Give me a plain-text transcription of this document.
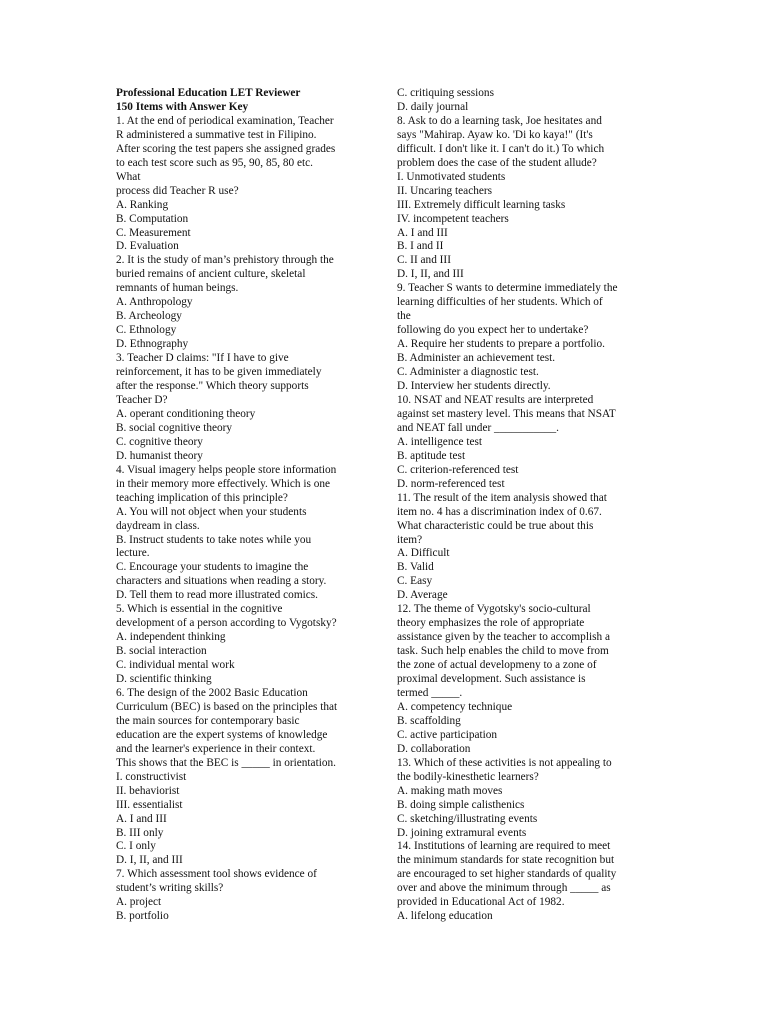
Professional Education LET Reviewer
150 Items with Answer Key
1. At the end of periodical examination, Teacher
R administered a summative test in Filipino.
After scoring the test papers she assigned grades
to each test score such as 95, 90, 85, 80 etc.
What
process did Teacher R use?
A. Ranking
B. Computation
C. Measurement
D. Evaluation
2. It is the study of man’s prehistory through the
buried remains of ancient culture, skeletal
remnants of human beings.
A. Anthropology
B. Archeology
C. Ethnology
D. Ethnography
3. Teacher D claims: "If I have to give
reinforcement, it has to be given immediately
after the response." Which theory supports
Teacher D?
A. operant conditioning theory
B. social cognitive theory
C. cognitive theory
D. humanist theory
4. Visual imagery helps people store information
in their memory more effectively. Which is one
teaching implication of this principle?
A. You will not object when your students
daydream in class.
B. Instruct students to take notes while you
lecture.
C. Encourage your students to imagine the
characters and situations when reading a story.
D. Tell them to read more illustrated comics.
5. Which is essential in the cognitive
development of a person according to Vygotsky?
A. independent thinking
B. social interaction
C. individual mental work
D. scientific thinking
6. The design of the 2002 Basic Education
Curriculum (BEC) is based on the principles that
the main sources for contemporary basic
education are the expert systems of knowledge
and the learner's experience in their context.
This shows that the BEC is _____ in orientation.
I. constructivist
II. behaviorist
III. essentialist
A. I and III
B. III only
C. I only
D. I, II, and III
7. Which assessment tool shows evidence of
student’s writing skills?
A. project
B. portfolio
C. critiquing sessions
D. daily journal
8. Ask to do a learning task, Joe hesitates and
says "Mahirap. Ayaw ko. 'Di ko kaya!" (It's
difficult. I don't like it. I can't do it.) To which
problem does the case of the student allude?
I. Unmotivated students
II. Uncaring teachers
III. Extremely difficult learning tasks
IV. incompetent teachers
A. I and III
B. I and II
C. II and III
D. I, II, and III
9. Teacher S wants to determine immediately the
learning difficulties of her students. Which of
the
following do you expect her to undertake?
A. Require her students to prepare a portfolio.
B. Administer an achievement test.
C. Administer a diagnostic test.
D. Interview her students directly.
10. NSAT and NEAT results are interpreted
against set mastery level. This means that NSAT
and NEAT fall under ___________.
A. intelligence test
B. aptitude test
C. criterion-referenced test
D. norm-referenced test
11. The result of the item analysis showed that
item no. 4 has a discrimination index of 0.67.
What characteristic could be true about this
item?
A. Difficult
B. Valid
C. Easy
D. Average
12. The theme of Vygotsky's socio-cultural
theory emphasizes the role of appropriate
assistance given by the teacher to accomplish a
task. Such help enables the child to move from
the zone of actual developmeny to a zone of
proximal development. Such assistance is
termed _____.
A. competency technique
B. scaffolding
C. active participation
D. collaboration
13. Which of these activities is not appealing to
the bodily-kinesthetic learners?
A. making math moves
B. doing simple calisthenics
C. sketching/illustrating events
D. joining extramural events
14. Institutions of learning are required to meet
the minimum standards for state recognition but
are encouraged to set higher standards of quality
over and above the minimum through _____ as
provided in Educational Act of 1982.
A. lifelong education
